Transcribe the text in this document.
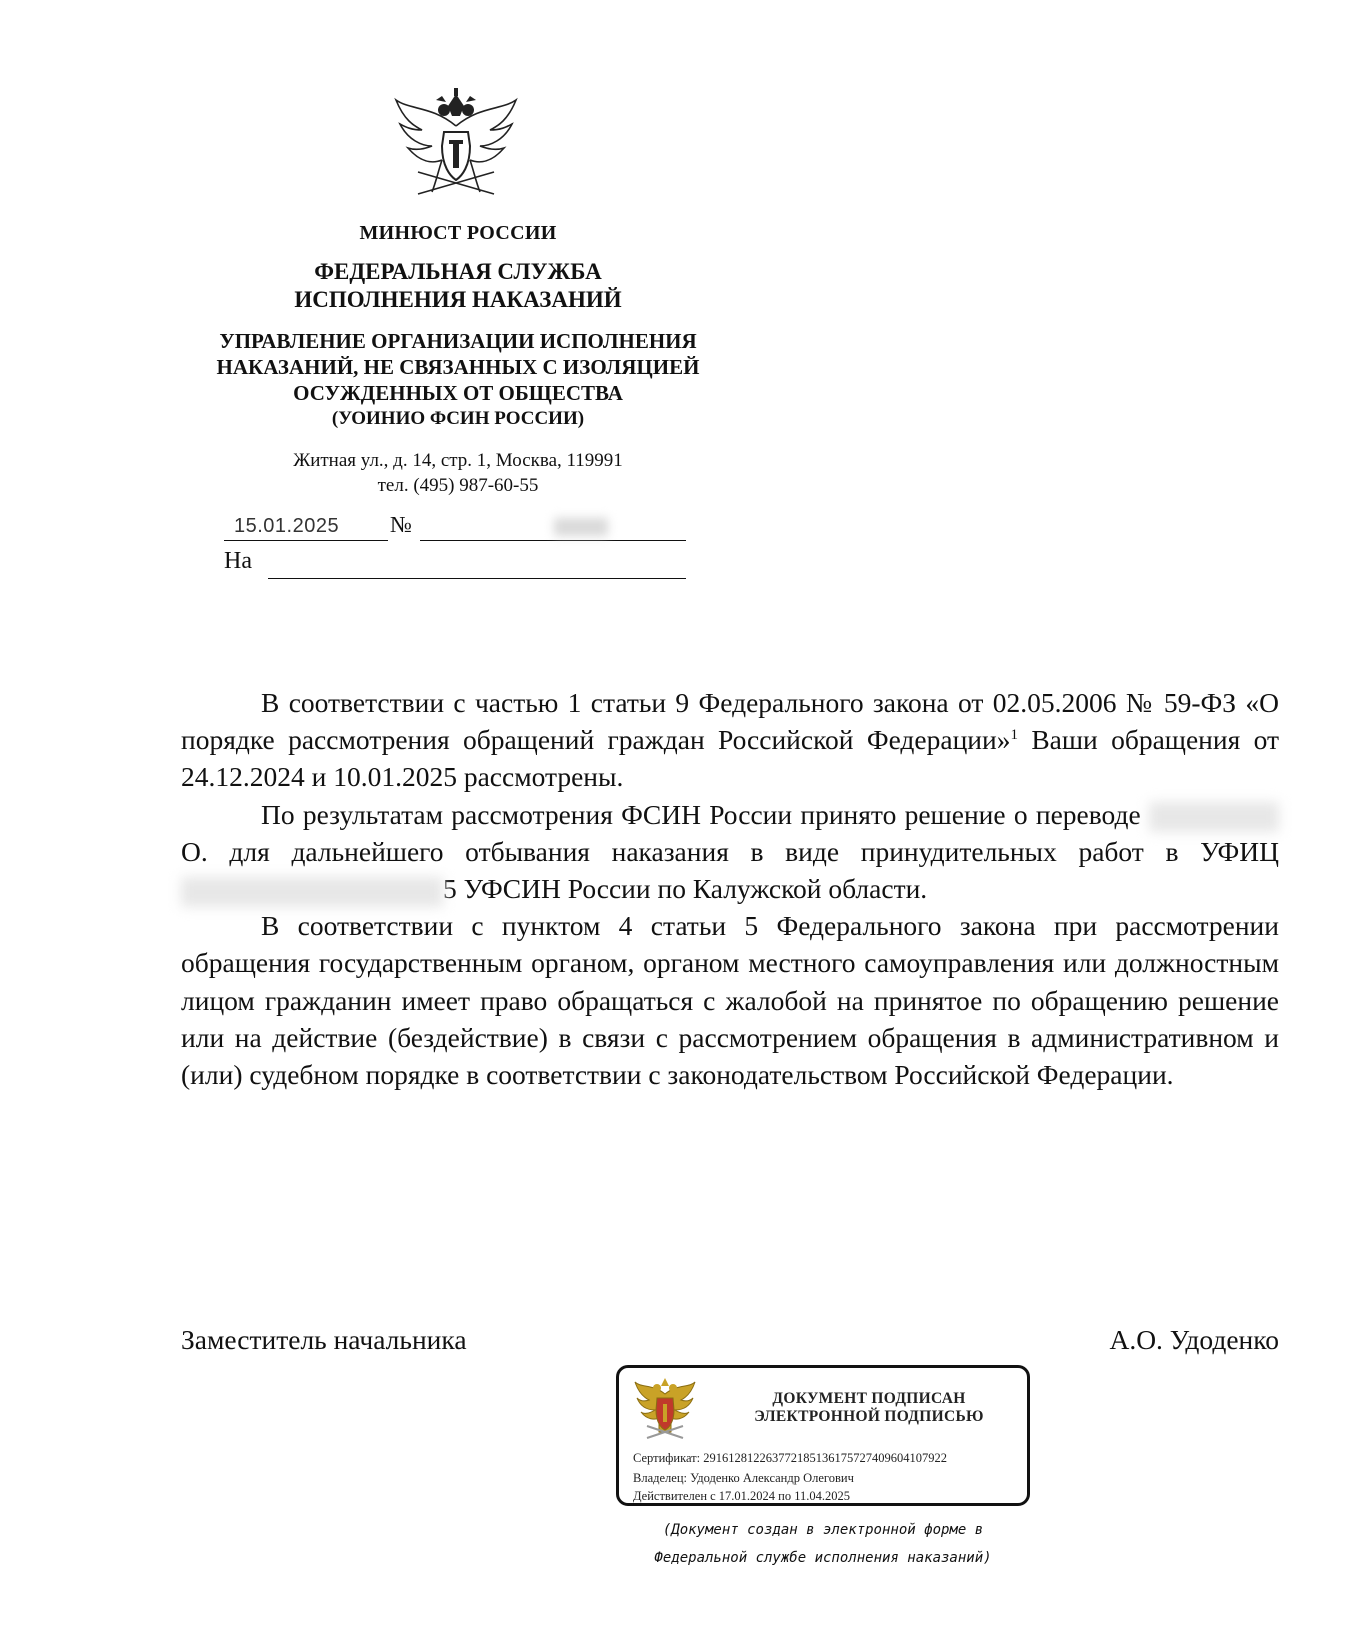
МИНЮСТ РОССИИ
ФЕДЕРАЛЬНАЯ СЛУЖБА
ИСПОЛНЕНИЯ НАКАЗАНИЙ
УПРАВЛЕНИЕ ОРГАНИЗАЦИИ ИСПОЛНЕНИЯ
НАКАЗАНИЙ, НЕ СВЯЗАННЫХ С ИЗОЛЯЦИЕЙ
ОСУЖДЕННЫХ ОТ ОБЩЕСТВА
(УОИНИО ФСИН РОССИИ)
Житная ул., д. 14, стр. 1, Москва, 119991
тел. (495) 987-60-55
15.01.2025 №
На

В соответствии с частью 1 статьи 9 Федерального закона от 02.05.2006 № 59-ФЗ «О порядке рассмотрения обращений граждан Российской Федерации»$^1$ Ваши обращения от 24.12.2024 и 10.01.2025 рассмотрены.

По результатам рассмотрения ФСИН России принято решение о переводе  О. для дальнейшего отбывания наказания в виде принудительных работ в УФИЦ 5 УФСИН России по Калужской области.

В соответствии с пунктом 4 статьи 5 Федерального закона при рассмотрении обращения государственным органом, органом местного самоуправления или должностным лицом гражданин имеет право обращаться с жалобой на принятое по обращению решение или на действие (бездействие) в связи с рассмотрением обращения в административном и (или) судебном порядке в соответствии с законодательством Российской Федерации.

Заместитель начальника	А.О. Удоденко
ДОКУМЕНТ ПОДПИСАН
ЭЛЕКТРОННОЙ ПОДПИСЬЮ
Сертификат: 29161281226377218513617572740960410792​2
Владелец: Удоденко Александр Олегович
Действителен с 17.01.2024 по 11.04.2025
(Документ создан в электронной форме в
Федеральной службе исполнения наказаний)
